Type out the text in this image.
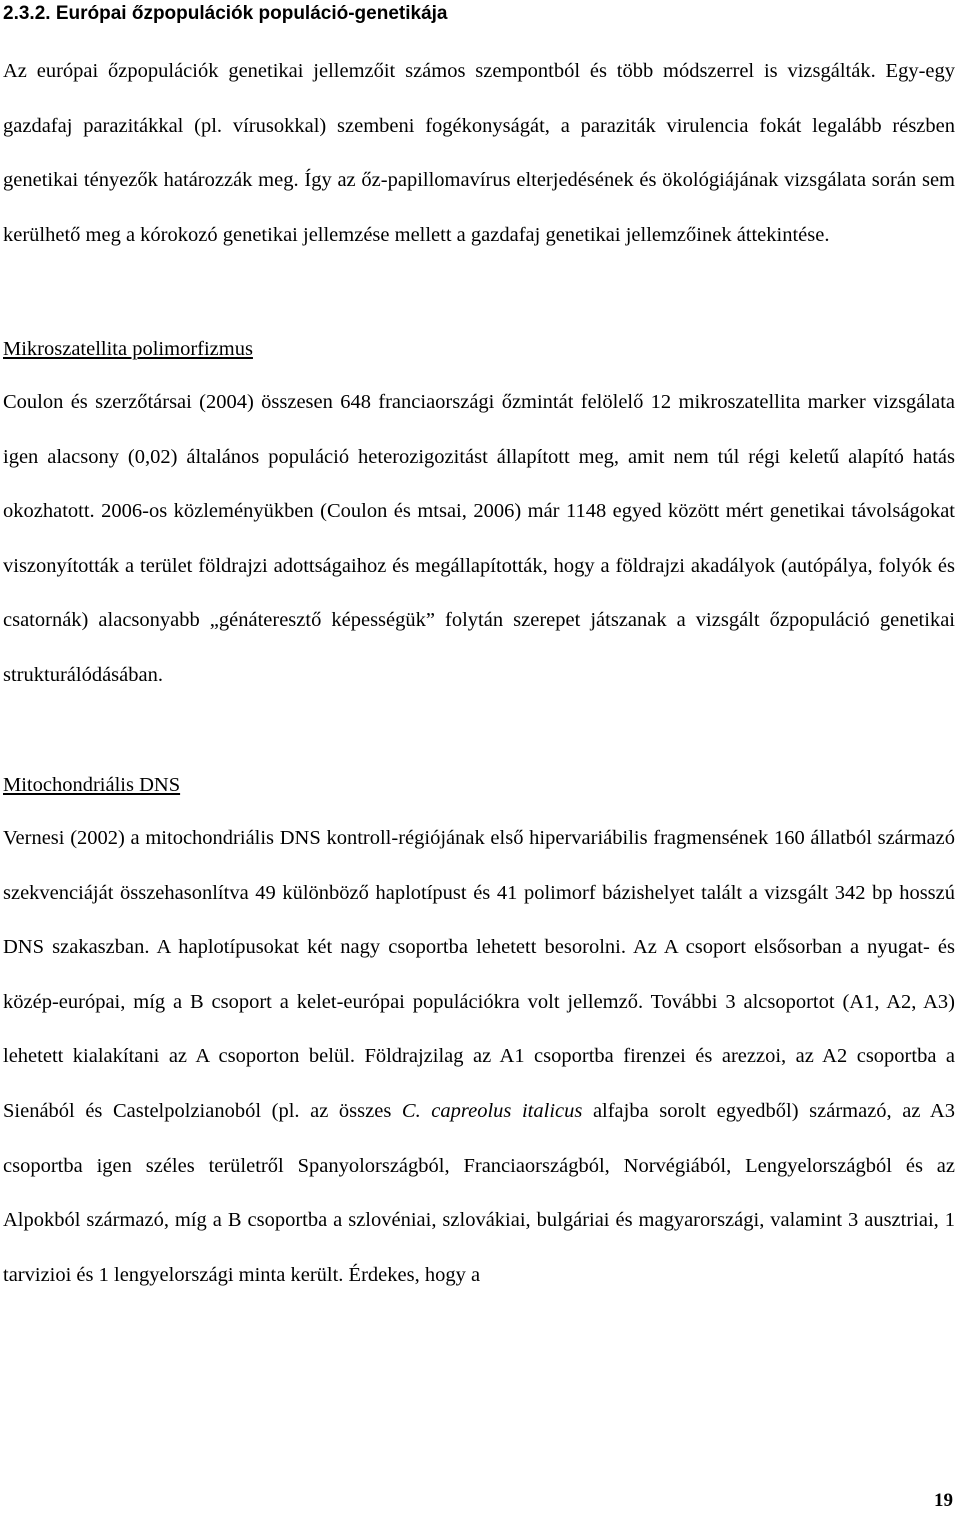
2.3.2. Európai őzpopulációk populáció-genetikája

Az európai őzpopulációk genetikai jellemzőit számos szempontból és több módszerrel is vizsgálták. Egy-egy gazdafaj parazitákkal (pl. vírusokkal) szembeni fogékonyságát, a paraziták virulencia fokát legalább részben genetikai tényezők határozzák meg. Így az őz-papillomavírus elterjedésének és ökológiájának vizsgálata során sem kerülhető meg a kórokozó genetikai jellemzése mellett a gazdafaj genetikai jellemzőinek áttekintése.

Mikroszatellita polimorfizmus

Coulon és szerzőtársai (2004) összesen 648 franciaországi őzmintát felölelő 12 mikroszatellita marker vizsgálata igen alacsony (0,02) általános populáció heterozigozitást állapított meg, amit nem túl régi keletű alapító hatás okozhatott. 2006-os közleményükben (Coulon és mtsai, 2006) már 1148 egyed között mért genetikai távolságokat viszonyították a terület földrajzi adottságaihoz és megállapították, hogy a földrajzi akadályok (autópálya, folyók és csatornák) alacsonyabb „génáteresztő képességük” folytán szerepet játszanak a vizsgált őzpopuláció genetikai strukturálódásában.

Mitochondriális DNS

Vernesi (2002) a mitochondriális DNS kontroll-régiójának első hipervariábilis fragmensének 160 állatból származó szekvenciáját összehasonlítva 49 különböző haplotípust és 41 polimorf bázishelyet talált a vizsgált 342 bp hosszú DNS szakaszban. A haplotípusokat két nagy csoportba lehetett besorolni. Az A csoport elsősorban a nyugat- és közép-európai, míg a B csoport a kelet-európai populációkra volt jellemző. További 3 alcsoportot (A1, A2, A3) lehetett kialakítani az A csoporton belül. Földrajzilag az A1 csoportba firenzei és arezzoi, az A2 csoportba a Sienából és Castelpolzianoból (pl. az összes C. capreolus italicus alfajba sorolt egyedből) származó, az A3 csoportba igen széles területről Spanyolországból, Franciaországból, Norvégiából, Lengyelországból és az Alpokból származó, míg a B csoportba a szlovéniai, szlovákiai, bulgáriai és magyarországi, valamint 3 ausztriai, 1 tarvizioi és 1 lengyelországi minta került. Érdekes, hogy a

19
